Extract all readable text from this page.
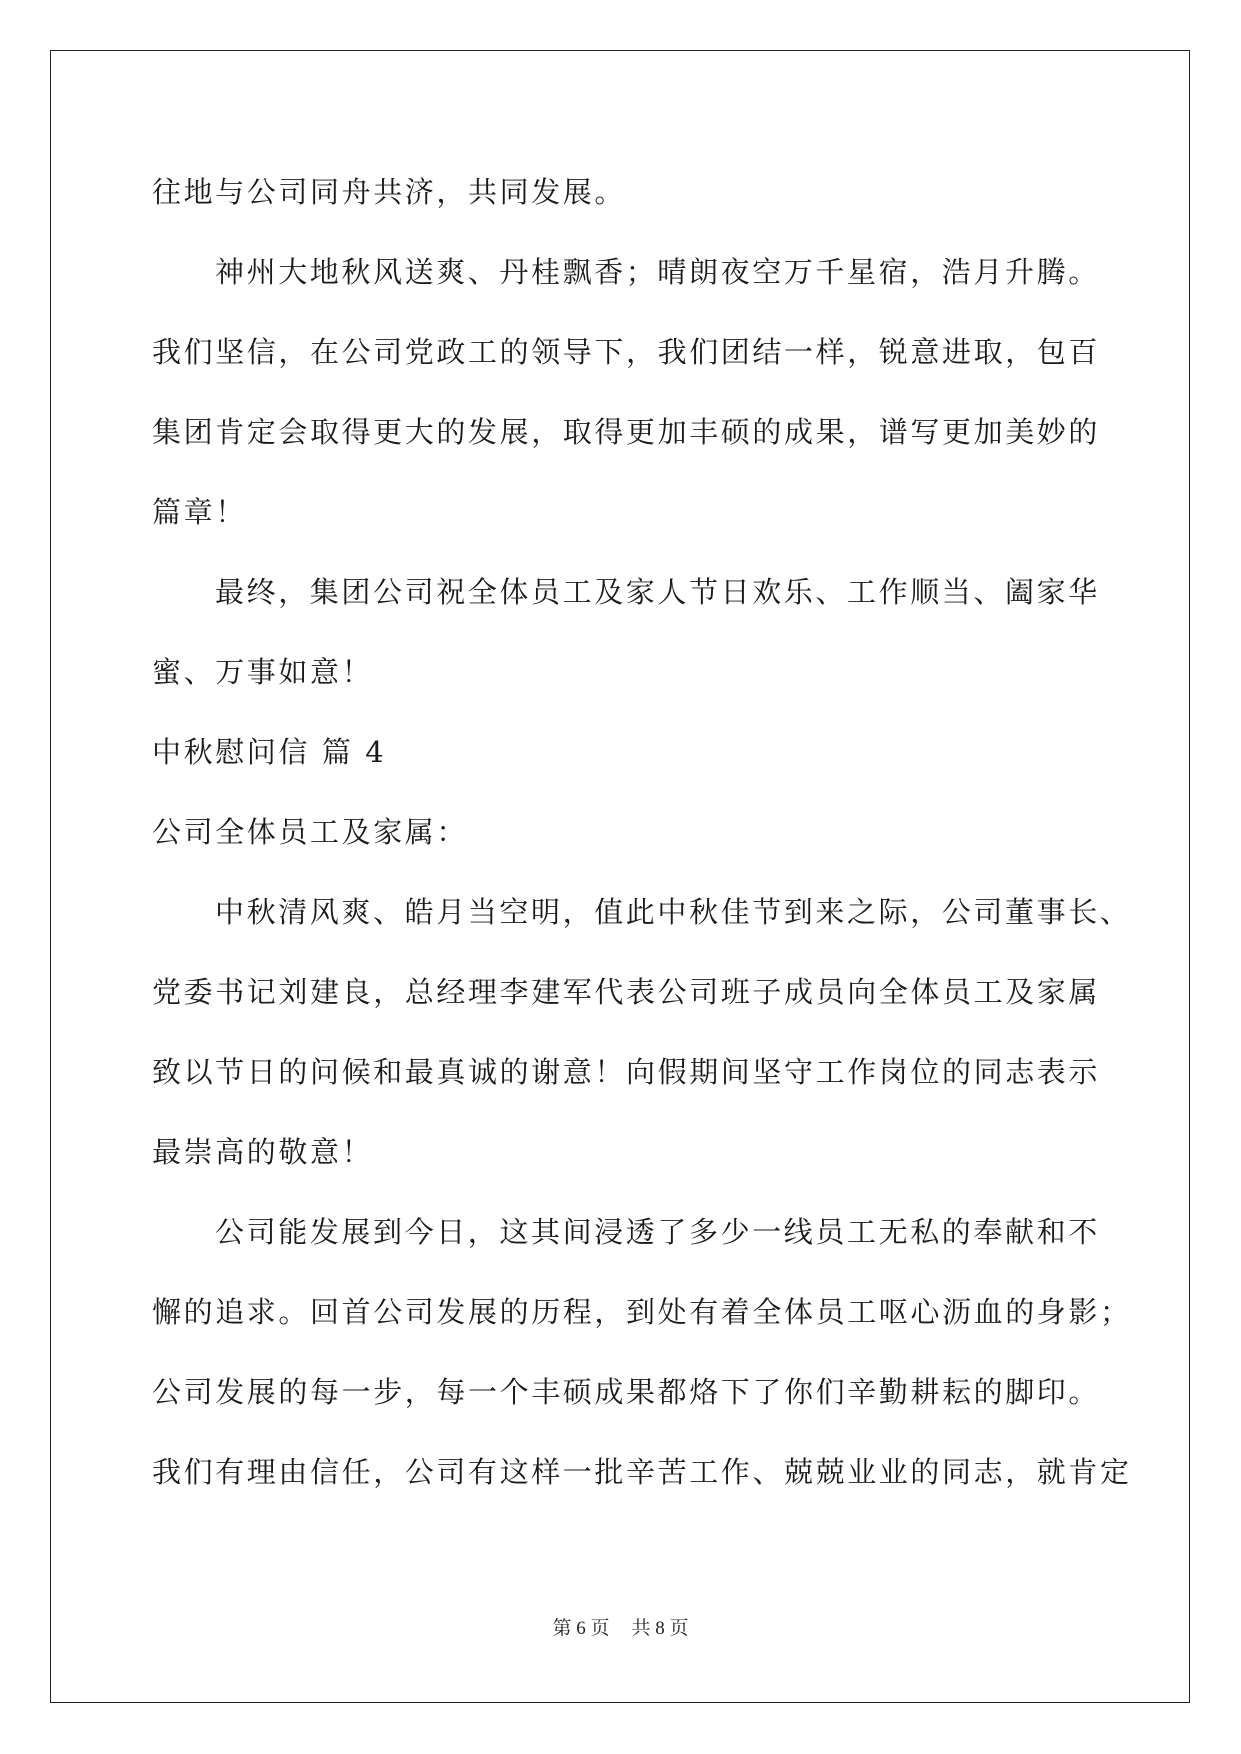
往地与公司同舟共济，共同发展。
神州大地秋风送爽、丹桂飘香；晴朗夜空万千星宿，浩月升腾。
我们坚信，在公司党政工的领导下，我们团结一样，锐意进取，包百
集团肯定会取得更大的发展，取得更加丰硕的成果，谱写更加美妙的
篇章！
最终，集团公司祝全体员工及家人节日欢乐、工作顺当、阖家华
蜜、万事如意！
中秋慰问信 篇 4
公司全体员工及家属：
中秋清风爽、皓月当空明，值此中秋佳节到来之际，公司董事长、
党委书记刘建良，总经理李建军代表公司班子成员向全体员工及家属
致以节日的问候和最真诚的谢意！向假期间坚守工作岗位的同志表示
最崇高的敬意！
公司能发展到今日，这其间浸透了多少一线员工无私的奉献和不
懈的追求。回首公司发展的历程，到处有着全体员工呕心沥血的身影；
公司发展的每一步，每一个丰硕成果都烙下了你们辛勤耕耘的脚印。
我们有理由信任，公司有这样一批辛苦工作、兢兢业业的同志，就肯定
第 6 页 共 8 页
